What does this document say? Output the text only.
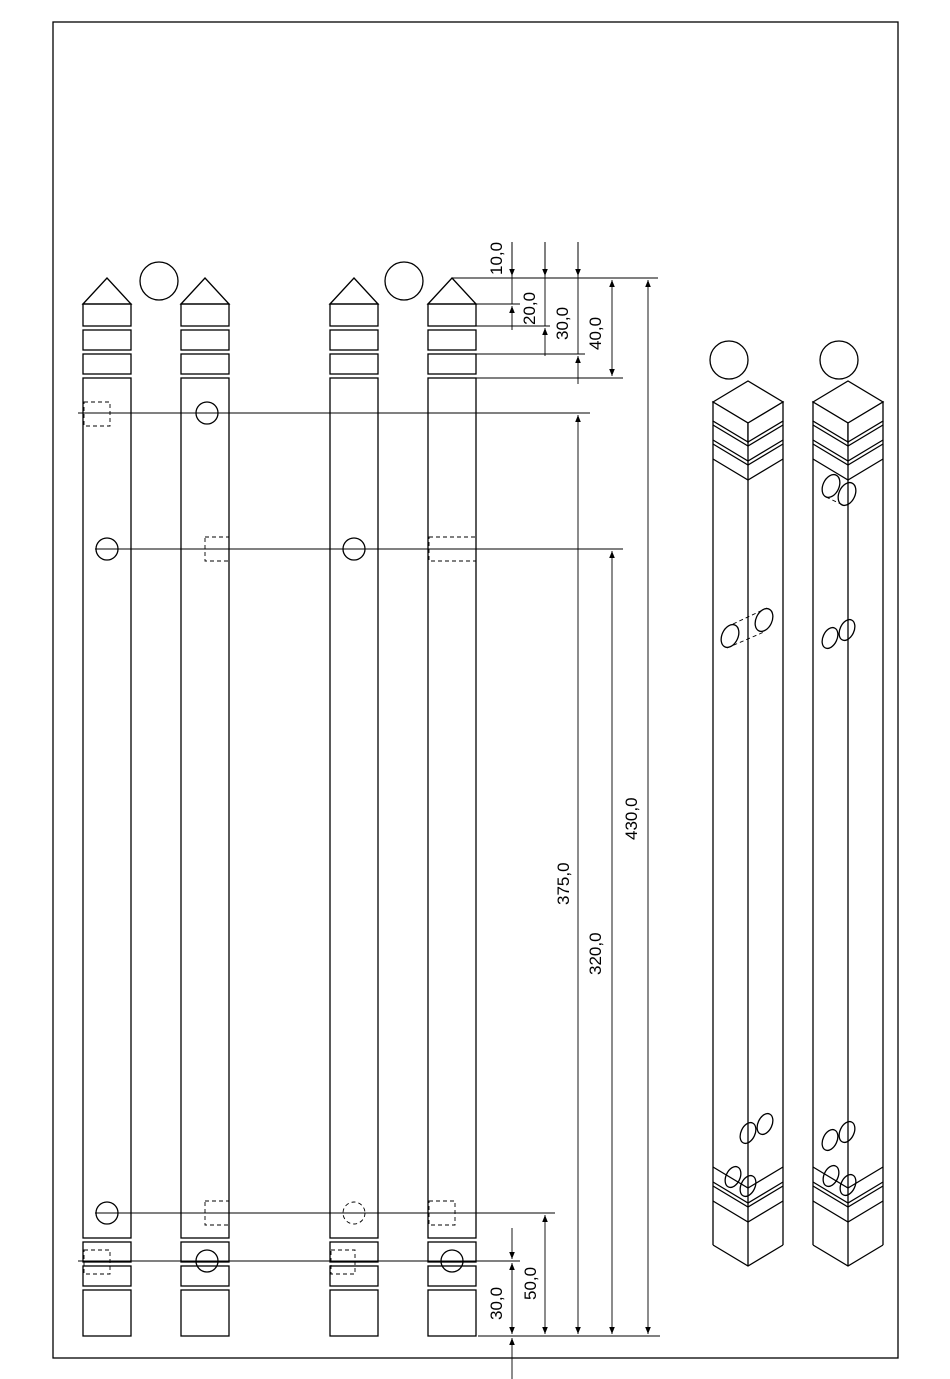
10,0
20,0 30,0 40,0
375,0
320,0
430,0
50,0
30,0
